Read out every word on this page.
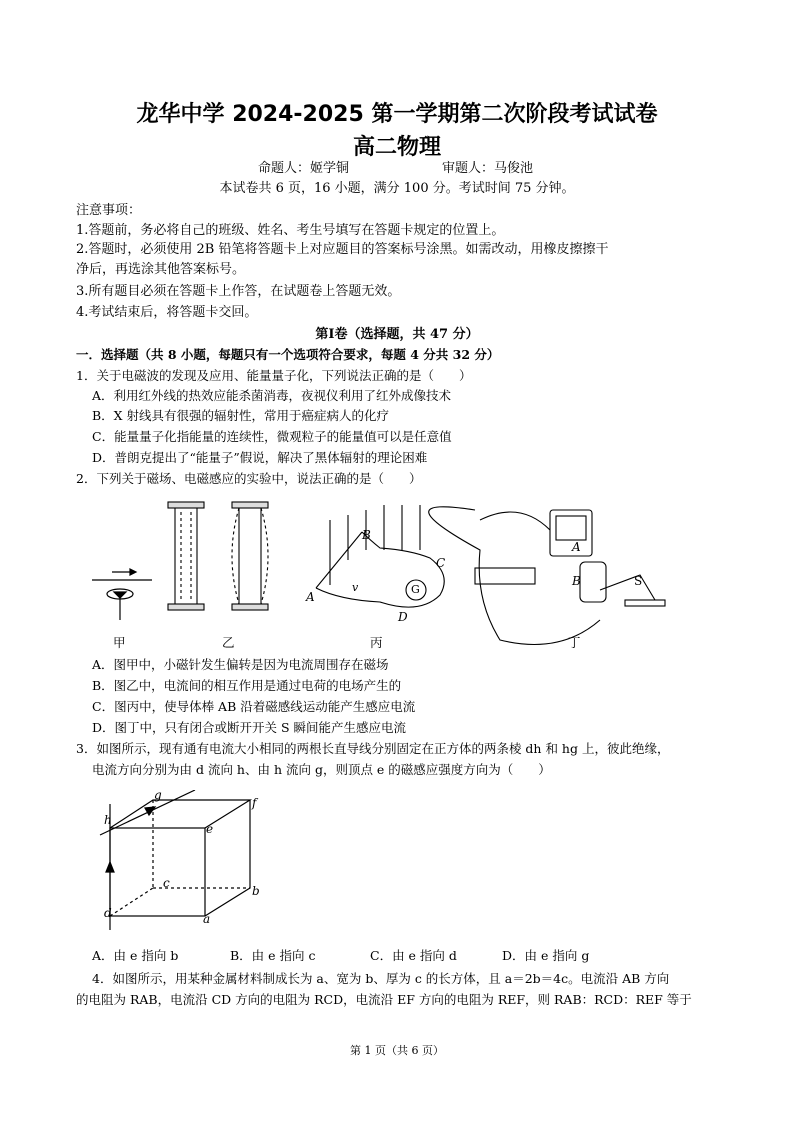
龙华中学 2024-2025 第一学期第二次阶段考试试卷
高二物理
命题人：姬学铜	审题人：马俊池
本试卷共 6 页，16 小题，满分 100 分。考试时间 75 分钟。
注意事项：
1.答题前，务必将自己的班级、姓名、考生号填写在答题卡规定的位置上。
2.答题时，必须使用 2B 铅笔将答题卡上对应题目的答案标号涂黑。如需改动，用橡皮擦擦干
净后，再选涂其他答案标号。
3.所有题目必须在答题卡上作答，在试题卷上答题无效。
4.考试结束后，将答题卡交回。
第Ⅰ卷（选择题，共 47 分）
一．选择题（共 8 小题，每题只有一个选项符合要求，每题 4 分共 32 分）
1．关于电磁波的发现及应用、能量量子化，下列说法正确的是（　　）
A．利用红外线的热效应能杀菌消毒，夜视仪利用了红外成像技术
B．X 射线具有很强的辐射性，常用于癌症病人的化疗
C．能量量子化指能量的连续性，微观粒子的能量值可以是任意值
D．普朗克提出了“能量子”假说，解决了黑体辐射的理论困难
2．下列关于磁场、电磁感应的实验中，说法正确的是（　　）
甲	乙	丙	丁
B
C
A
v	G
D
A
B	S
A．图甲中，小磁针发生偏转是因为电流周围存在磁场
B．图乙中，电流间的相互作用是通过电荷的电场产生的
C．图丙中，使导体棒 AB 沿着磁感线运动能产生感应电流
D．图丁中，只有闭合或断开开关 S 瞬间能产生感应电流
3．如图所示，现有通有电流大小相同的两根长直导线分别固定在正方体的两条棱 dh 和 hg 上，彼此绝缘，
电流方向分别为由 d 流向 h、由 h 流向 g，则顶点 e 的磁感应强度方向为（　　）
g
f
h
e
c
b
d	a
A．由 e 指向 b	B．由 e 指向 c	C．由 e 指向 d	D．由 e 指向 g
4．如图所示，用某种金属材料制成长为 a、宽为 b、厚为 c 的长方体，且 a＝2b＝4c。电流沿 AB 方向
的电阻为 RAB，电流沿 CD 方向的电阻为 RCD，电流沿 EF 方向的电阻为 REF，则 RAB：RCD：REF 等于
第 1 页（共 6 页）
